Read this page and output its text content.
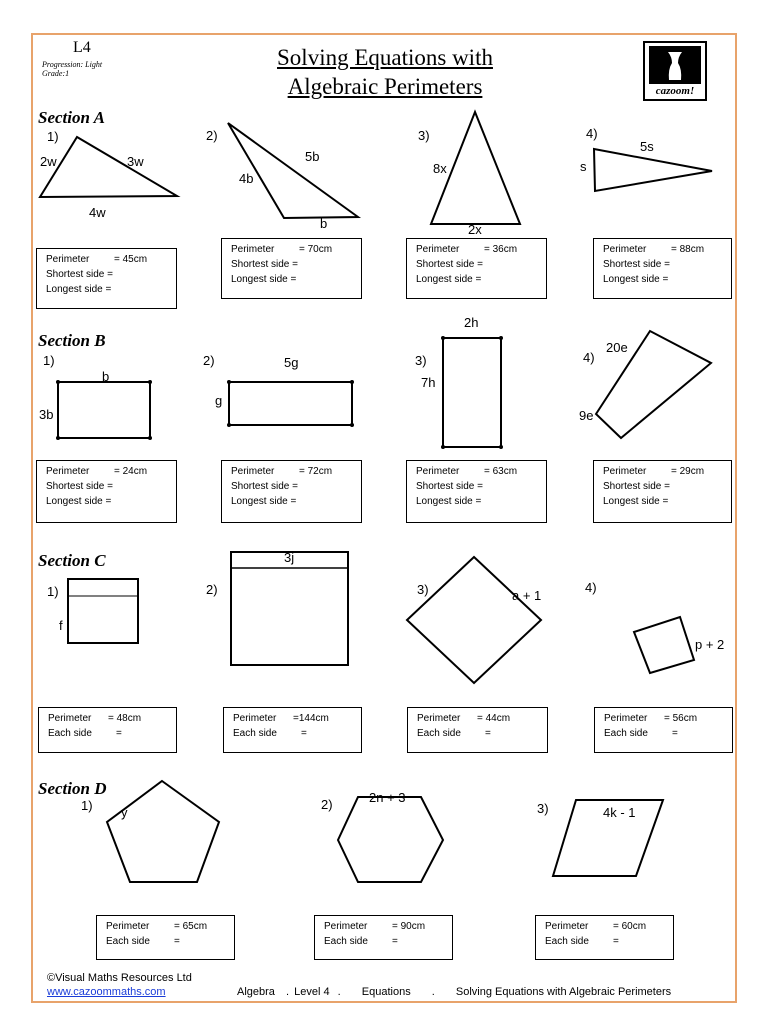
L4
Progression: Light
Grade:1
Solving Equations with
Algebraic Perimeters	cazoom!
Section A
Section B
Section C
Section D
1)	2)	3)	4)
1)	2)	3)	4)
1)	2)	3)	4)
1)	2)	3)
2w	3w
4w
5b
4b
b
8x
2x
5s
s
b
3b
5g
g
2h
7h
20e
9e
f
3j
a + 1
p + 2
y
2n + 3
4k - 1
Perimeter = 45cm
Shortest side =
Longest side =
Perimeter = 70cm
Shortest side =
Longest side =
Perimeter = 36cm
Shortest side =
Longest side =
Perimeter = 88cm
Shortest side =
Longest side =
Perimeter = 24cm
Shortest side =
Longest side =
Perimeter = 72cm
Shortest side =
Longest side =
Perimeter = 63cm
Shortest side =
Longest side =
Perimeter = 29cm
Shortest side =
Longest side =
Perimeter = 48cm
Each side =
Perimeter =144cm
Each side =
Perimeter = 44cm
Each side =
Perimeter = 56cm
Each side =
Perimeter = 65cm
Each side =
Perimeter = 90cm
Each side =
Perimeter = 60cm
Each side =
©Visual Maths Resources Ltd
www.cazoommaths.com	Algebra . Level 4 . Equations . Solving Equations with Algebraic Perimeters
